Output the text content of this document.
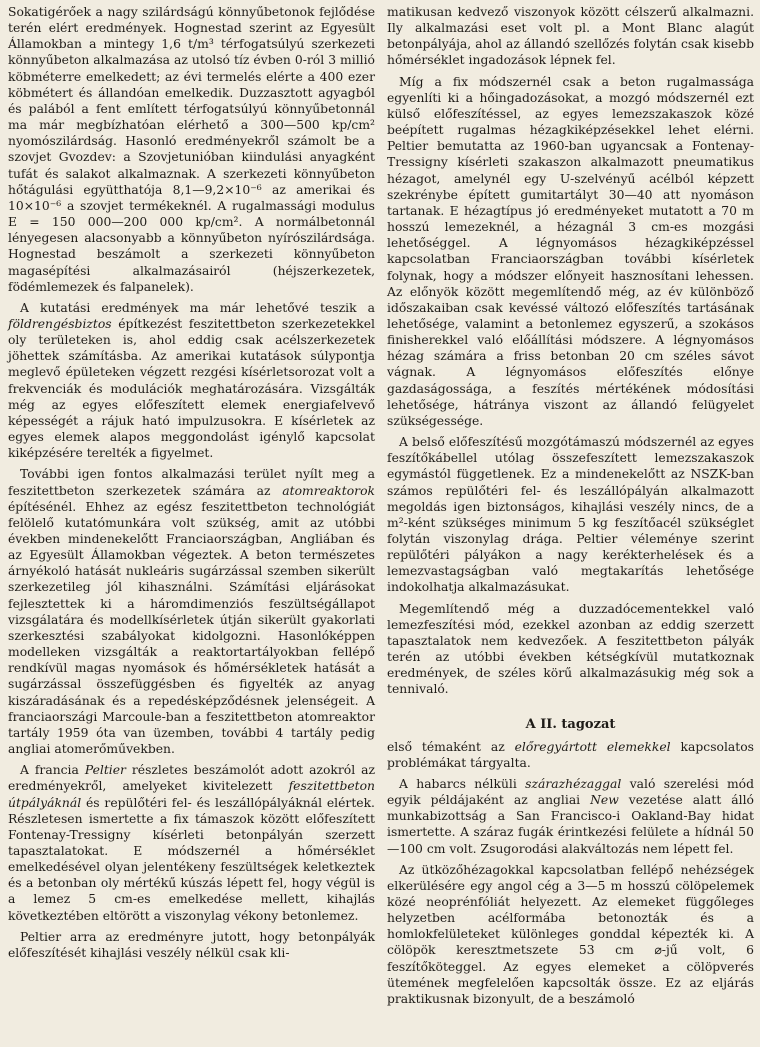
Sokatigérőek a nagy szilárdságú könnyűbetonok fejlődése terén elért eredmények. Hognestad szerint az Egyesült Államokban a mintegy 1,6 t/m³ térfogatsúlyú szerkezeti könnyűbeton alkalmazása az utolsó tíz évben 0-ról 3 millió köbméterre emelkedett; az évi termelés elérte a 400 ezer köbmétert és állandóan emelkedik. Duzzasztott agyagból és palából a fent említett térfogatsúlyú könnyűbetonnál ma már megbízhatóan elérhető a 300—500 kp/cm² nyomószilárdság. Hasonló eredményekről számolt be a szovjet Gvozdev: a Szovjetunióban kiindulási anyagként tufát és salakot alkalmaznak. A szerkezeti könnyűbeton hőtágulási együtthatója 8,1—9,2×10⁻⁶ az amerikai és 10×10⁻⁶ a szovjet termékeknél. A rugalmassági modulus E = 150 000—200 000 kp/cm². A normálbetonnál lényegesen alacsonyabb a könnyűbeton nyírószilárdsága. Hognestad beszámolt a szerkezeti könnyűbeton magasépítési alkalmazásairól (héjszerkezetek, födémlemezek és falpanelek).

A kutatási eredmények ma már lehetővé teszik a földrengésbiztos építkezést feszitettbeton szerkezetekkel oly területeken is, ahol eddig csak acélszerkezetek jöhettek számításba. Az amerikai kutatások súlypontja meglevő épületeken végzett rezgési kísérletsorozat volt a frekvenciák és modulációk meghatározására. Vizsgálták még az egyes előfeszített elemek energiafelvevő képességét a rájuk ható impulzusokra. E kísérletek az egyes elemek alapos meggondolást igénylő kapcsolat kiképzésére terelték a figyelmet.

További igen fontos alkalmazási terület nyílt meg a feszitettbeton szerkezetek számára az atomreaktorok építésénél. Ehhez az egész feszitettbeton technológiát felölelő kutatómunkára volt szükség, amit az utóbbi években mindenekelőtt Franciaországban, Angliában és az Egyesült Államokban végeztek. A beton természetes árnyékoló hatását nukleáris sugárzással szemben sikerült szerkezetileg jól kihasználni. Számítási eljárásokat fejlesztettek ki a háromdimenziós feszültségállapot vizsgálatára és modellkísérletek útján sikerült gyakorlati szerkesztési szabályokat kidolgozni. Hasonlóképpen modelleken vizsgálták a reaktortartályokban fellépő rendkívül magas nyomások és hőmérsékletek hatását a sugárzással összefüggésben és figyelték az anyag kiszáradásának és a repedésképződésnek jelenségeit. A franciaországi Marcoule-ban a feszitettbeton atomreaktor tartály 1959 óta van üzemben, további 4 tartály pedig angliai atomerőművekben.

A francia Peltier részletes beszámolót adott azokról az eredményekről, amelyeket kivitelezett feszitettbeton útpályáknál és repülőtéri fel- és leszállópályáknál elértek. Részletesen ismertette a fix támaszok között előfeszített Fontenay-Tressigny kísérleti betonpályán szerzett tapasztalatokat. E módszernél a hőmérséklet emelkedésével olyan jelentékeny feszültségek keletkeztek és a betonban oly mértékű kúszás lépett fel, hogy végül is a lemez 5 cm-es emelkedése mellett, kihajlás következtében eltörött a viszonylag vékony betonlemez.

Peltier arra az eredményre jutott, hogy betonpályák előfeszítését kihajlási veszély nélkül csak kli-

matikusan kedvező viszonyok között célszerű alkalmazni. Ily alkalmazási eset volt pl. a Mont Blanc alagút betonpályája, ahol az állandó szellőzés folytán csak kisebb hőmérséklet ingadozások lépnek fel.

Míg a fix módszernél csak a beton rugalmassága egyenlíti ki a hőingadozásokat, a mozgó módszernél ezt külső előfeszítéssel, az egyes lemezszakaszok közé beépített rugalmas hézagkiképzésekkel lehet elérni. Peltier bemutatta az 1960-ban ugyancsak a Fontenay-Tressigny kísérleti szakaszon alkalmazott pneumatikus hézagot, amelynél egy U-szelvényű acélból képzett szekrénybe épített gumitartályt 30—40 att nyomáson tartanak. E hézagtípus jó eredményeket mutatott a 70 m hosszú lemezeknél, a hézagnál 3 cm-es mozgási lehetőséggel. A légnyomásos hézagkiképzéssel kapcsolatban Franciaországban további kísérletek folynak, hogy a módszer előnyeit hasznosítani lehessen. Az előnyök között megemlítendő még, az év különböző időszakaiban csak kevéssé változó előfeszítés tartásának lehetősége, valamint a betonlemez egyszerű, a szokásos finisherekkel való előállítási módszere. A légnyomásos hézag számára a friss betonban 20 cm széles sávot vágnak. A légnyomásos előfeszítés előnye gazdaságossága, a feszítés mértékének módosítási lehetősége, hátránya viszont az állandó felügyelet szükségessége.

A belső előfeszítésű mozgótámaszú módszernél az egyes feszítőkábellel utólag összefeszített lemezszakaszok egymástól függetlenek. Ez a mindenekelőtt az NSZK-ban számos repülőtéri fel- és leszállópályán alkalmazott megoldás igen biztonságos, kihajlási veszély nincs, de a m²-ként szükséges minimum 5 kg feszítőacél szükséglet folytán viszonylag drága. Peltier véleménye szerint repülőtéri pályákon a nagy kerékterhelések és a lemezvastagságban való megtakarítás lehetősége indokolhatja alkalmazásukat.

Megemlítendő még a duzzadócementekkel való lemezfeszítési mód, ezekkel azonban az eddig szerzett tapasztalatok nem kedvezőek. A feszitettbeton pályák terén az utóbbi években kétségkívül mutatkoznak eredmények, de széles körű alkalmazásukig még sok a tennivaló.

A II. tagozat

első témaként az előregyártott elemekkel kapcsolatos problémákat tárgyalta.

A habarcs nélküli szárazhézaggal való szerelési mód egyik példájaként az angliai New vezetése alatt álló munkabizottság a San Francisco-i Oakland-Bay hidat ismertette. A száraz fugák érintkezési felülete a hídnál 50—100 cm volt. Zsugorodási alakváltozás nem lépett fel.

Az ütközőhézagokkal kapcsolatban fellépő nehézségek elkerülésére egy angol cég a 3—5 m hosszú cölöpelemek közé neoprénfóliát helyezett. Az elemeket függőleges helyzetben acélformába betonozták és a homlokfelületeket különleges gonddal képezték ki. A cölöpök keresztmetszete 53 cm ⌀-jű volt, 6 feszítőköteggel. Az egyes elemeket a cölöpverés ütemének megfelelően kapcsolták össze. Ez az eljárás praktikusnak bizonyult, de a beszámoló
